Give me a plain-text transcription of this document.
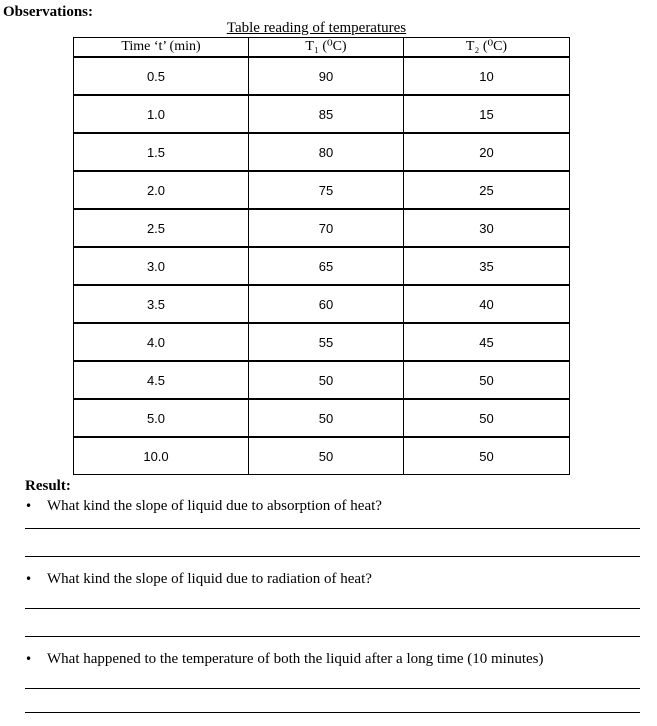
Observations:
Table reading of temperatures
Time ‘t’ (min)	T₁ (⁰C)	T₂ (⁰C)
0.5	90	10
1.0	85	15
1.5	80	20
2.0	75	25
2.5	70	30
3.0	65	35
3.5	60	40
4.0	55	45
4.5	50	50
5.0	50	50
10.0	50	50
Result:
• What kind the slope of liquid due to absorption of heat?
• What kind the slope of liquid due to radiation of heat?
• What happened to the temperature of both the liquid after a long time (10 minutes)
